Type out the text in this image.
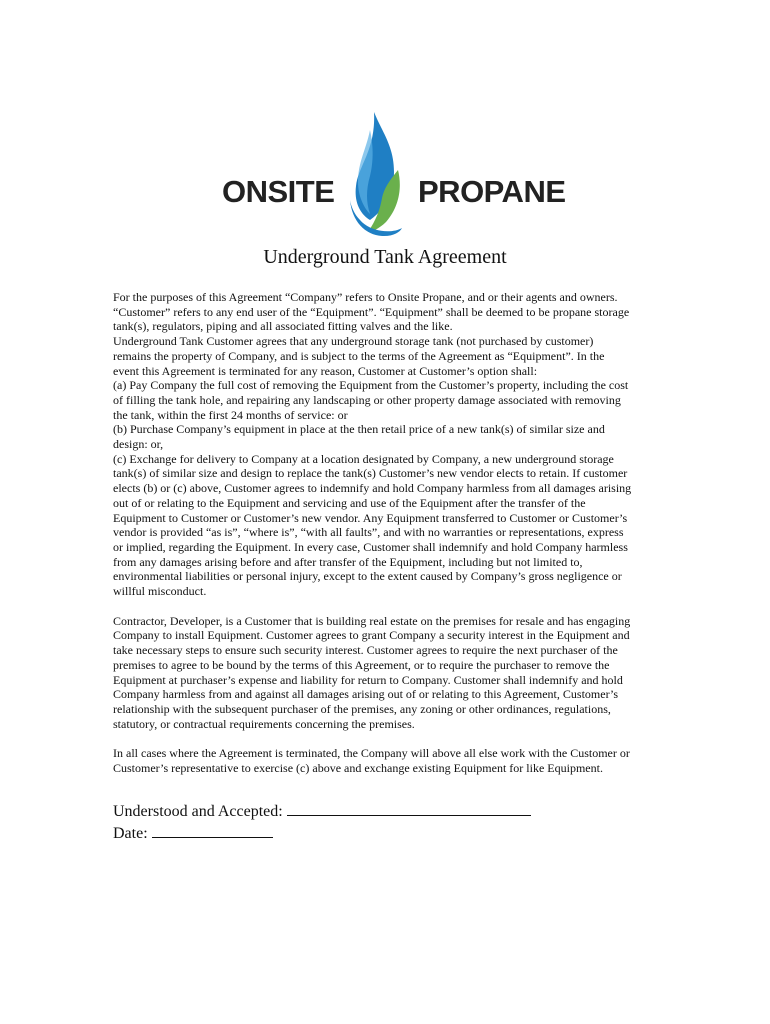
ONSITE	PROPANE
Underground Tank Agreement

For the purposes of this Agreement “Company” refers to Onsite Propane, and or their agents and owners.

“Customer” refers to any end user of the “Equipment”. “Equipment” shall be deemed to be propane storage

tank(s), regulators, piping and all associated fitting valves and the like.

Underground Tank Customer agrees that any underground storage tank (not purchased by customer)

remains the property of Company, and is subject to the terms of the Agreement as “Equipment”. In the

event this Agreement is terminated for any reason, Customer at Customer’s option shall:

(a) Pay Company the full cost of removing the Equipment from the Customer’s property, including the cost

of filling the tank hole, and repairing any landscaping or other property damage associated with removing

the tank, within the first 24 months of service: or

(b) Purchase Company’s equipment in place at the then retail price of a new tank(s) of similar size and

design: or,

(c) Exchange for delivery to Company at a location designated by Company, a new underground storage

tank(s) of similar size and design to replace the tank(s) Customer’s new vendor elects to retain. If customer

elects (b) or (c) above, Customer agrees to indemnify and hold Company harmless from all damages arising

out of or relating to the Equipment and servicing and use of the Equipment after the transfer of the

Equipment to Customer or Customer’s new vendor. Any Equipment transferred to Customer or Customer’s

vendor is provided “as is”, “where is”, “with all faults”, and with no warranties or representations, express

or implied, regarding the Equipment. In every case, Customer shall indemnify and hold Company harmless

from any damages arising before and after transfer of the Equipment, including but not limited to,

environmental liabilities or personal injury, except to the extent caused by Company’s gross negligence or

willful misconduct.

Contractor, Developer, is a Customer that is building real estate on the premises for resale and has engaging

Company to install Equipment. Customer agrees to grant Company a security interest in the Equipment and

take necessary steps to ensure such security interest. Customer agrees to require the next purchaser of the

premises to agree to be bound by the terms of this Agreement, or to require the purchaser to remove the

Equipment at purchaser’s expense and liability for return to Company. Customer shall indemnify and hold

Company harmless from and against all damages arising out of or relating to this Agreement, Customer’s

relationship with the subsequent purchaser of the premises, any zoning or other ordinances, regulations,

statutory, or contractual requirements concerning the premises.

In all cases where the Agreement is terminated, the Company will above all else work with the Customer or

Customer’s representative to exercise (c) above and exchange existing Equipment for like Equipment.

Understood and Accepted:
Date:
